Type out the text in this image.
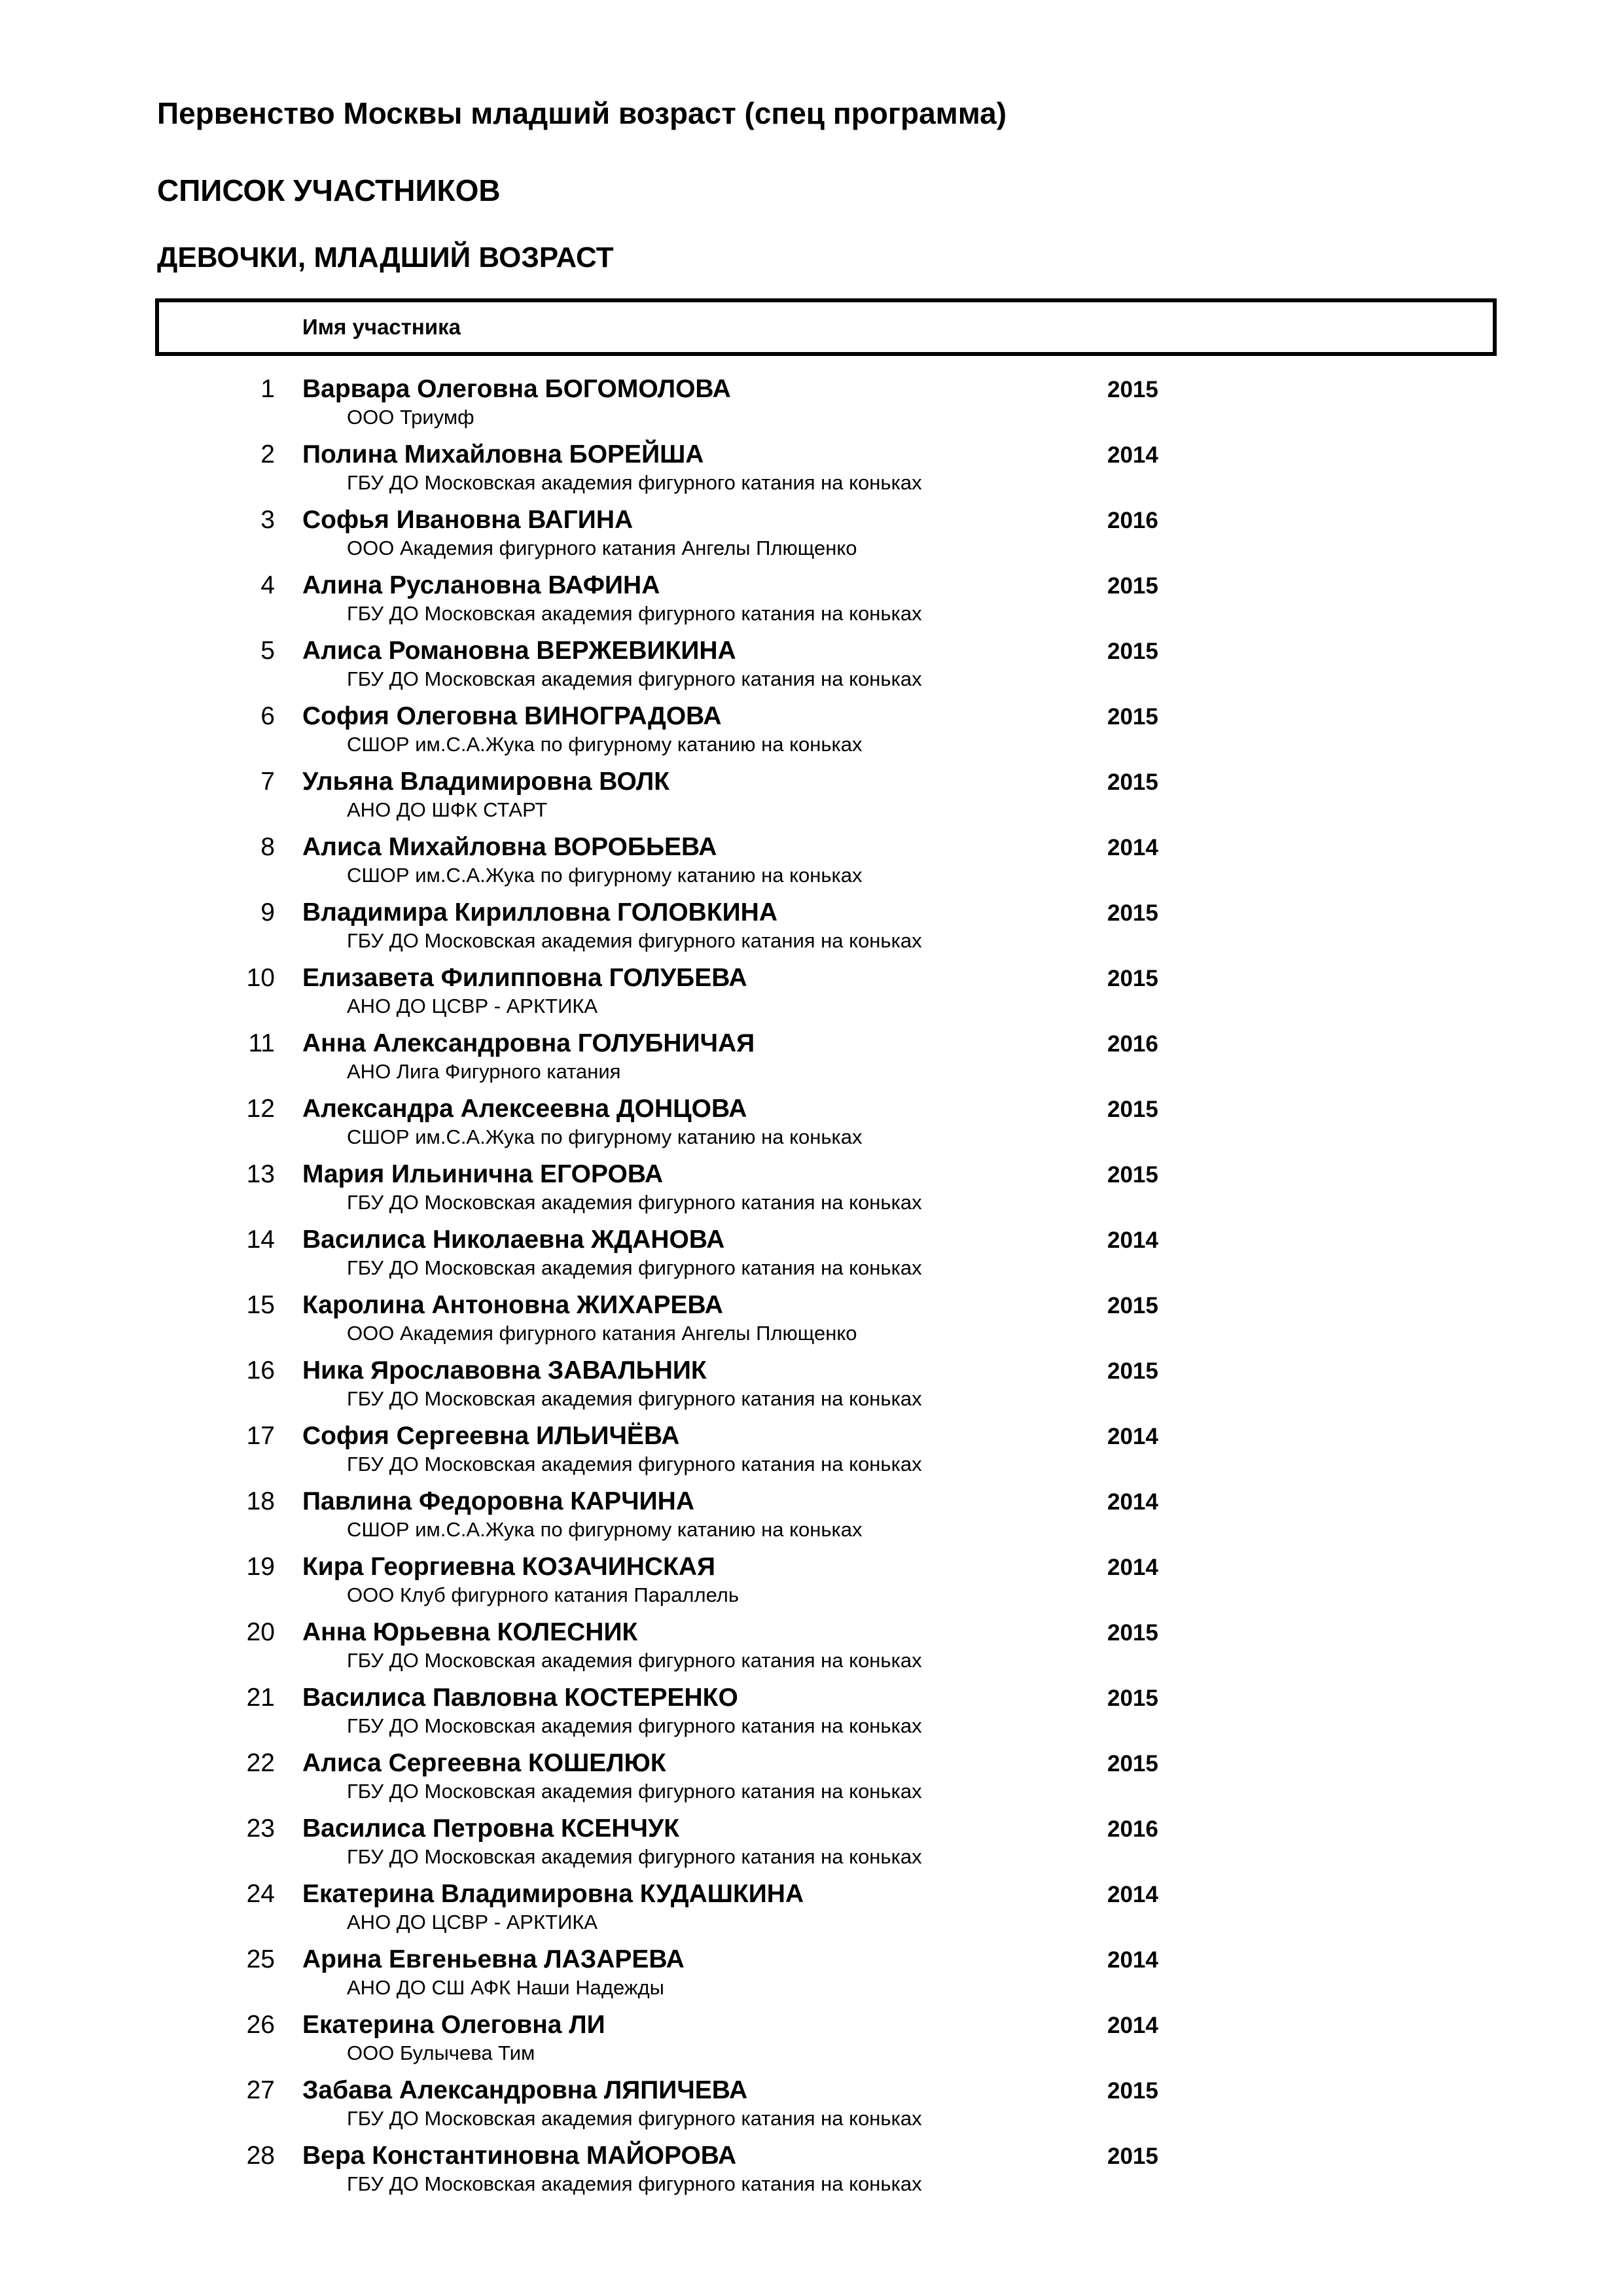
Первенство Москвы младший возраст (спец программа)
СПИСОК УЧАСТНИКОВ
ДЕВОЧКИ, МЛАДШИЙ ВОЗРАСТ
Имя участника
1 Варвара Олеговна БОГОМОЛОВА	2015
ООО Триумф
2 Полина Михайловна БОРЕЙША	2014
ГБУ ДО Московская академия фигурного катания на коньках
3 Софья Ивановна ВАГИНА	2016
ООО Академия фигурного катания Ангелы Плющенко
4 Алина Руслановна ВАФИНА	2015
ГБУ ДО Московская академия фигурного катания на коньках
5 Алиса Романовна ВЕРЖЕВИКИНА	2015
ГБУ ДО Московская академия фигурного катания на коньках
6 София Олеговна ВИНОГРАДОВА	2015
СШОР им.С.А.Жука по фигурному катанию на коньках
7 Ульяна Владимировна ВОЛК	2015
АНО ДО ШФК СТАРТ
8 Алиса Михайловна ВОРОБЬЕВА	2014
СШОР им.С.А.Жука по фигурному катанию на коньках
9 Владимира Кирилловна ГОЛОВКИНА	2015
ГБУ ДО Московская академия фигурного катания на коньках
10 Елизавета Филипповна ГОЛУБЕВА	2015
АНО ДО ЦСВР - АРКТИКА
11 Анна Александровна ГОЛУБНИЧАЯ	2016
АНО Лига Фигурного катания
12 Александра Алексеевна ДОНЦОВА	2015
СШОР им.С.А.Жука по фигурному катанию на коньках
13 Мария Ильинична ЕГОРОВА	2015
ГБУ ДО Московская академия фигурного катания на коньках
14 Василиса Николаевна ЖДАНОВА	2014
ГБУ ДО Московская академия фигурного катания на коньках
15 Каролина Антоновна ЖИХАРЕВА	2015
ООО Академия фигурного катания Ангелы Плющенко
16 Ника Ярославовна ЗАВАЛЬНИК	2015
ГБУ ДО Московская академия фигурного катания на коньках
17 София Сергеевна ИЛЬИЧЁВА	2014
ГБУ ДО Московская академия фигурного катания на коньках
18 Павлина Федоровна КАРЧИНА	2014
СШОР им.С.А.Жука по фигурному катанию на коньках
19 Кира Георгиевна КОЗАЧИНСКАЯ	2014
ООО Клуб фигурного катания Параллель
20 Анна Юрьевна КОЛЕСНИК	2015
ГБУ ДО Московская академия фигурного катания на коньках
21 Василиса Павловна КОСТЕРЕНКО	2015
ГБУ ДО Московская академия фигурного катания на коньках
22 Алиса Сергеевна КОШЕЛЮК	2015
ГБУ ДО Московская академия фигурного катания на коньках
23 Василиса Петровна КСЕНЧУК	2016
ГБУ ДО Московская академия фигурного катания на коньках
24 Екатерина Владимировна КУДАШКИНА	2014
АНО ДО ЦСВР - АРКТИКА
25 Арина Евгеньевна ЛАЗАРЕВА	2014
АНО ДО СШ АФК Наши Надежды
26 Екатерина Олеговна ЛИ	2014
ООО Булычева Тим
27 Забава Александровна ЛЯПИЧЕВА	2015
ГБУ ДО Московская академия фигурного катания на коньках
28 Вера Константиновна МАЙОРОВА	2015
ГБУ ДО Московская академия фигурного катания на коньках
